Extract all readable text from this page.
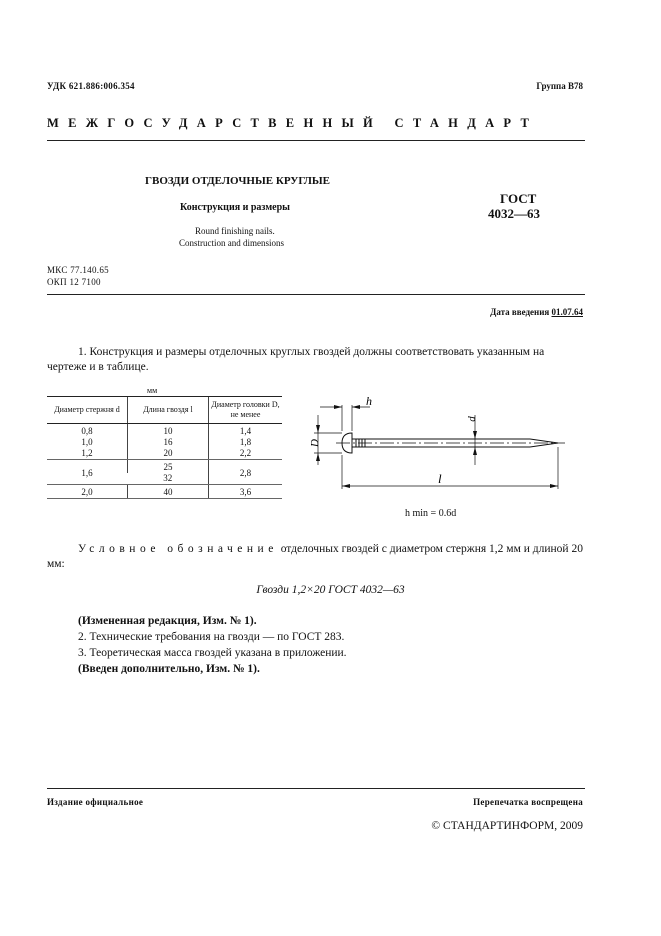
УДК 621.886:006.354	Группа В78
МЕЖГОСУДАРСТВЕННЫЙ СТАНДАРТ
ГВОЗДИ ОТДЕЛОЧНЫЕ КРУГЛЫЕ
Конструкция и размеры
Round finishing nails.
Construction and dimensions
ГОСТ
4032—63
МКС 77.140.65
ОКП 12 7100
Дата введения 01.07.64
1. Конструкция и размеры отделочных круглых гвоздей должны соответствовать указанным на чертеже и в таблице.
мм
Диаметр стержня d	Длина гвоздя l	Диаметр головки D, не менее
0,8	10	1,4
1,0	16	1,8
1,2	20	2,2
1,6	25	2,8
	32	
2,0	40	3,6
h
D
d
l
h min = 0.6d
Условное обозначение отделочных гвоздей с диаметром стержня 1,2 мм и длиной 20 мм:
Гвозди 1,2×20 ГОСТ 4032—63
(Измененная редакция, Изм. № 1).
2. Технические требования на гвозди — по ГОСТ 283.
3. Теоретическая масса гвоздей указана в приложении.
(Введен дополнительно, Изм. № 1).
Издание официальное	Перепечатка воспрещена
© СТАНДАРТИНФОРМ, 2009
